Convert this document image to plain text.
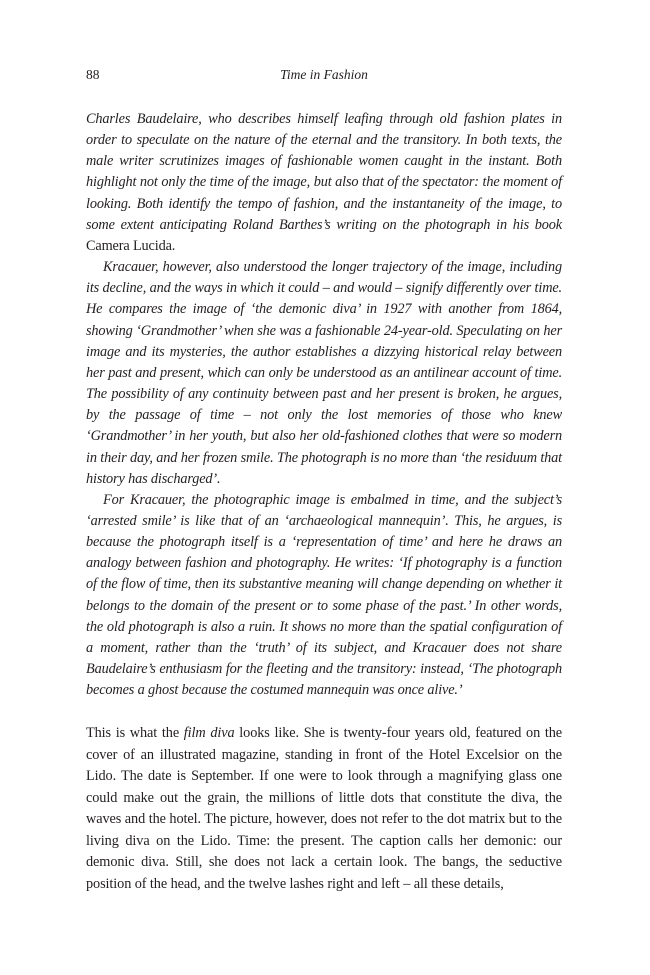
88	Time in Fashion

Charles Baudelaire, who describes himself leafing through old fashion plates in order to speculate on the nature of the eternal and the transitory. In both texts, the male writer scrutinizes images of fashionable women caught in the instant. Both highlight not only the time of the image, but also that of the spectator: the moment of looking. Both identify the tempo of fashion, and the instantaneity of the image, to some extent anticipating Roland Barthes’s writing on the photograph in his book Camera Lucida.

Kracauer, however, also understood the longer trajectory of the image, including its decline, and the ways in which it could – and would – signify differently over time. He compares the image of ‘the demonic diva’ in 1927 with another from 1864, showing ‘Grandmother’ when she was a fashionable 24-year-old. Speculating on her image and its mysteries, the author establishes a dizzying historical relay between her past and present, which can only be understood as an antilinear account of time. The possibility of any continuity between past and her present is broken, he argues, by the passage of time – not only the lost memories of those who knew ‘Grandmother’ in her youth, but also her old-fashioned clothes that were so modern in their day, and her frozen smile. The photograph is no more than ‘the residuum that history has discharged’.

For Kracauer, the photographic image is embalmed in time, and the subject’s ‘arrested smile’ is like that of an ‘archaeological mannequin’. This, he argues, is because the photograph itself is a ‘representation of time’ and here he draws an analogy between fashion and photography. He writes: ‘If photography is a function of the flow of time, then its substantive meaning will change depending on whether it belongs to the domain of the present or to some phase of the past.’ In other words, the old photograph is also a ruin. It shows no more than the spatial configuration of a moment, rather than the ‘truth’ of its subject, and Kracauer does not share Baudelaire’s enthusiasm for the fleeting and the transitory: instead, ‘The photograph becomes a ghost because the costumed mannequin was once alive.’

This is what the film diva looks like. She is twenty-four years old, featured on the cover of an illustrated magazine, standing in front of the Hotel Excelsior on the Lido. The date is September. If one were to look through a magnifying glass one could make out the grain, the millions of little dots that constitute the diva, the waves and the hotel. The picture, however, does not refer to the dot matrix but to the living diva on the Lido. Time: the present. The caption calls her demonic: our demonic diva. Still, she does not lack a certain look. The bangs, the seductive position of the head, and the twelve lashes right and left – all these details,
